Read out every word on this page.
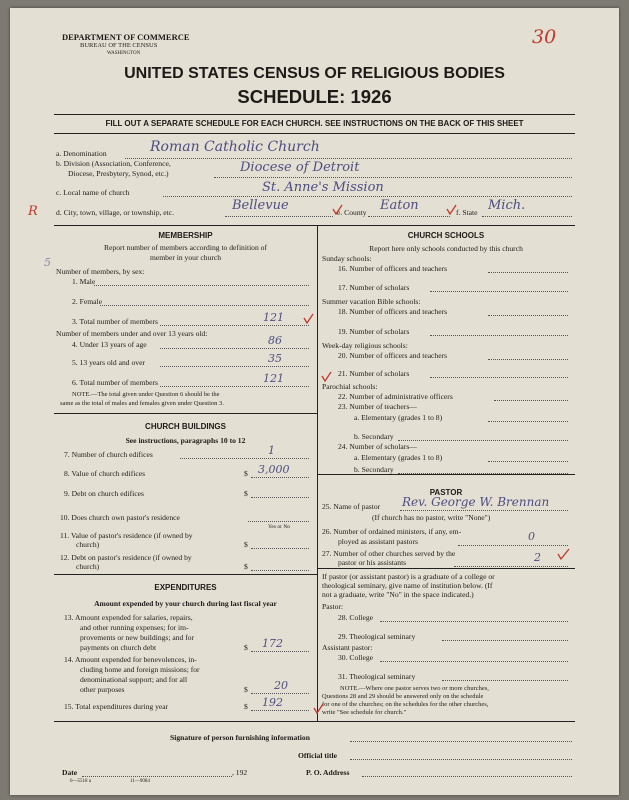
DEPARTMENT OF COMMERCE
BUREAU OF THE CENSUS
WASHINGTON
30
UNITED STATES CENSUS OF RELIGIOUS BODIES
SCHEDULE: 1926
FILL OUT A SEPARATE SCHEDULE FOR EACH CHURCH. SEE INSTRUCTIONS ON THE BACK OF THIS SHEET
a. Denomination	Roman Catholic Church
b. Division (Association, Conference,
Diocese, Presbytery, Synod, etc.)	Diocese of Detroit
c. Local name of church	St. Anne's Mission
R
5
d. City, town, village, or township, etc.	Bellevue	e. County Eaton	f. State Mich.
MEMBERSHIP
Report number of members according to definition of
member in your church
Number of members, by sex:
1. Male
2. Female
3. Total number of members	121
Number of members under and over 13 years old:
4. Under 13 years of age	86
5. 13 years old and over	35
6. Total number of members	121
NOTE.—The total given under Question 6 should be the
same as the total of males and females given under Question 3.
CHURCH BUILDINGS
See instructions, paragraphs 10 to 12
7. Number of church edifices	1
8. Value of church edifices	$ 3,000
9. Debt on church edifices	$
10. Does church own pastor's residence
Yes or No
11. Value of pastor's residence (if owned by
church)	$
12. Debt on pastor's residence (if owned by
church)	$
EXPENDITURES
Amount expended by your church during last fiscal year
13. Amount expended for salaries, repairs,
and other running expenses; for im-
provements or new buildings; and for
payments on church debt	$ 172
14. Amount expended for benevolences, in-
cluding home and foreign missions; for
denominational support; and for all
other purposes	$ 20
15. Total expenditures during year	$ 192
CHURCH SCHOOLS
Report here only schools conducted by this church
Sunday schools:
16. Number of officers and teachers
17. Number of scholars
Summer vacation Bible schools:
18. Number of officers and teachers
19. Number of scholars
Week-day religious schools:
20. Number of officers and teachers
21. Number of scholars
Parochial schools:
22. Number of administrative officers
23. Number of teachers—
a. Elementary (grades 1 to 8)
b. Secondary
24. Number of scholars—
a. Elementary (grades 1 to 8)
b. Secondary
PASTOR
25. Name of pastor Rev. George W. Brennan
(If church has no pastor, write "None")
26. Number of ordained ministers, if any, em-
ployed as assistant pastors	0
27. Number of other churches served by the
pastor or his assistants	2
If pastor (or assistant pastor) is a graduate of a college or
theological seminary, give name of institution below. (If
not a graduate, write "No" in the space indicated.)
Pastor:
28. College
29. Theological seminary
Assistant pastor:
30. College
31. Theological seminary
NOTE.—Where one pastor serves two or more churches,
Questions 28 and 29 should be answered only on the schedule
for one of the churches; on the schedules for the other churches,
write "See schedule for church."
Signature of person furnishing information
Official title
Date	, 192	P. O. Address
6—5518 a	11—9084
